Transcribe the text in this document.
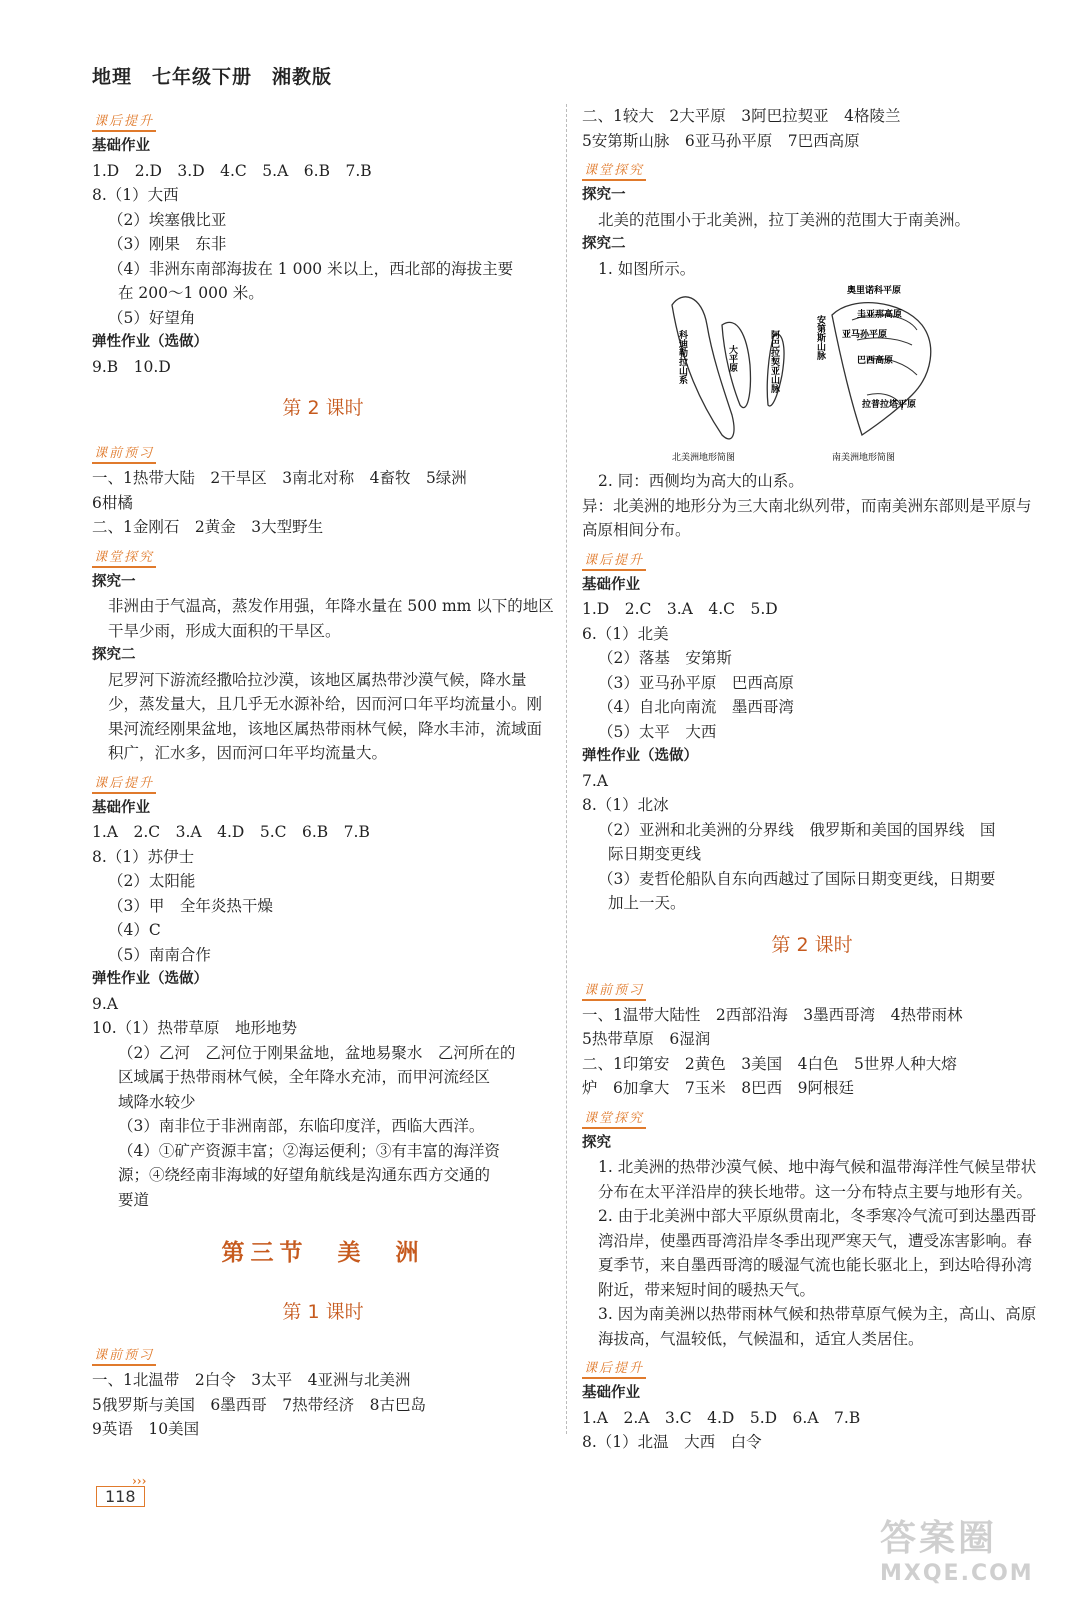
地理　七年级下册　湘教版
课后提升
基础作业
1.D　2.D　3.D　4.C　5.A　6.B　7.B
8.（1）大西
（2）埃塞俄比亚
（3）刚果　东非
（4）非洲东南部海拔在 1 000 米以上，西北部的海拔主要
在 200～1 000 米。
（5）好望角
弹性作业（选做）
9.B　10.D
第 2 课时
课前预习
一、1热带大陆　2干旱区　3南北对称　4畜牧　5绿洲
6柑橘
二、1金刚石　2黄金　3大型野生
课堂探究
探究一
非洲由于气温高，蒸发作用强，年降水量在 500 mm 以下的地区干旱少雨，形成大面积的干旱区。
探究二
尼罗河下游流经撒哈拉沙漠，该地区属热带沙漠气候，降水量少，蒸发量大，且几乎无水源补给，因而河口年平均流量小。刚果河流经刚果盆地，该地区属热带雨林气候，降水丰沛，流域面积广，汇水多，因而河口年平均流量大。
课后提升
基础作业
1.A　2.C　3.A　4.D　5.C　6.B　7.B
8.（1）苏伊士
（2）太阳能
（3）甲　全年炎热干燥
（4）C
（5）南南合作
弹性作业（选做）
9.A
10.（1）热带草原　地形地势
（2）乙河　乙河位于刚果盆地，盆地易聚水　乙河所在的
区域属于热带雨林气候，全年降水充沛，而甲河流经区
域降水较少
（3）南非位于非洲南部，东临印度洋，西临大西洋。
（4）①矿产资源丰富；②海运便利；③有丰富的海洋资
源；④绕经南非海域的好望角航线是沟通东西方交通的
要道
第三节　美　洲
第 1 课时
课前预习
一、1北温带　2白令　3太平　4亚洲与北美洲
5俄罗斯与美国　6墨西哥　7热带经济　8古巴岛
9英语　10美国
二、1较大　2大平原　3阿巴拉契亚　4格陵兰
5安第斯山脉　6亚马孙平原　7巴西高原
课堂探究
探究一
北美的范围小于北美洲，拉丁美洲的范围大于南美洲。
探究二
1. 如图所示。
科迪勒拉山系	大平原	阿巴拉契亚山脉
奥里诺科平原
圭亚那高原
亚马孙平原
巴西高原
拉普拉塔平原
安第斯山脉
北美洲地形简图	南美洲地形简图
2. 同：西侧均为高大的山系。
异：北美洲的地形分为三大南北纵列带，而南美洲东部则是平原与高原相间分布。
课后提升
基础作业
1.D　2.C　3.A　4.C　5.D
6.（1）北美
（2）落基　安第斯
（3）亚马孙平原　巴西高原
（4）自北向南流　墨西哥湾
（5）太平　大西
弹性作业（选做）
7.A
8.（1）北冰
（2）亚洲和北美洲的分界线　俄罗斯和美国的国界线　国
际日期变更线
（3）麦哲伦船队自东向西越过了国际日期变更线，日期要
加上一天。
第 2 课时
课前预习
一、1温带大陆性　2西部沿海　3墨西哥湾　4热带雨林
5热带草原　6湿润
二、1印第安　2黄色　3美国　4白色　5世界人种大熔
炉　6加拿大　7玉米　8巴西　9阿根廷
课堂探究
探究
1. 北美洲的热带沙漠气候、地中海气候和温带海洋性气候呈带状分布在太平洋沿岸的狭长地带。这一分布特点主要与地形有关。
2. 由于北美洲中部大平原纵贯南北，冬季寒冷气流可到达墨西哥湾沿岸，使墨西哥湾沿岸冬季出现严寒天气，遭受冻害影响。春夏季节，来自墨西哥湾的暖湿气流也能长驱北上，到达哈得孙湾附近，带来短时间的暖热天气。
3. 因为南美洲以热带雨林气候和热带草原气候为主，高山、高原海拔高，气温较低，气候温和，适宜人类居住。
课后提升
基础作业
1.A　2.A　3.C　4.D　5.D　6.A　7.B
8.（1）北温　大西　白令
›››
118
答案圈
MXQE.COM
